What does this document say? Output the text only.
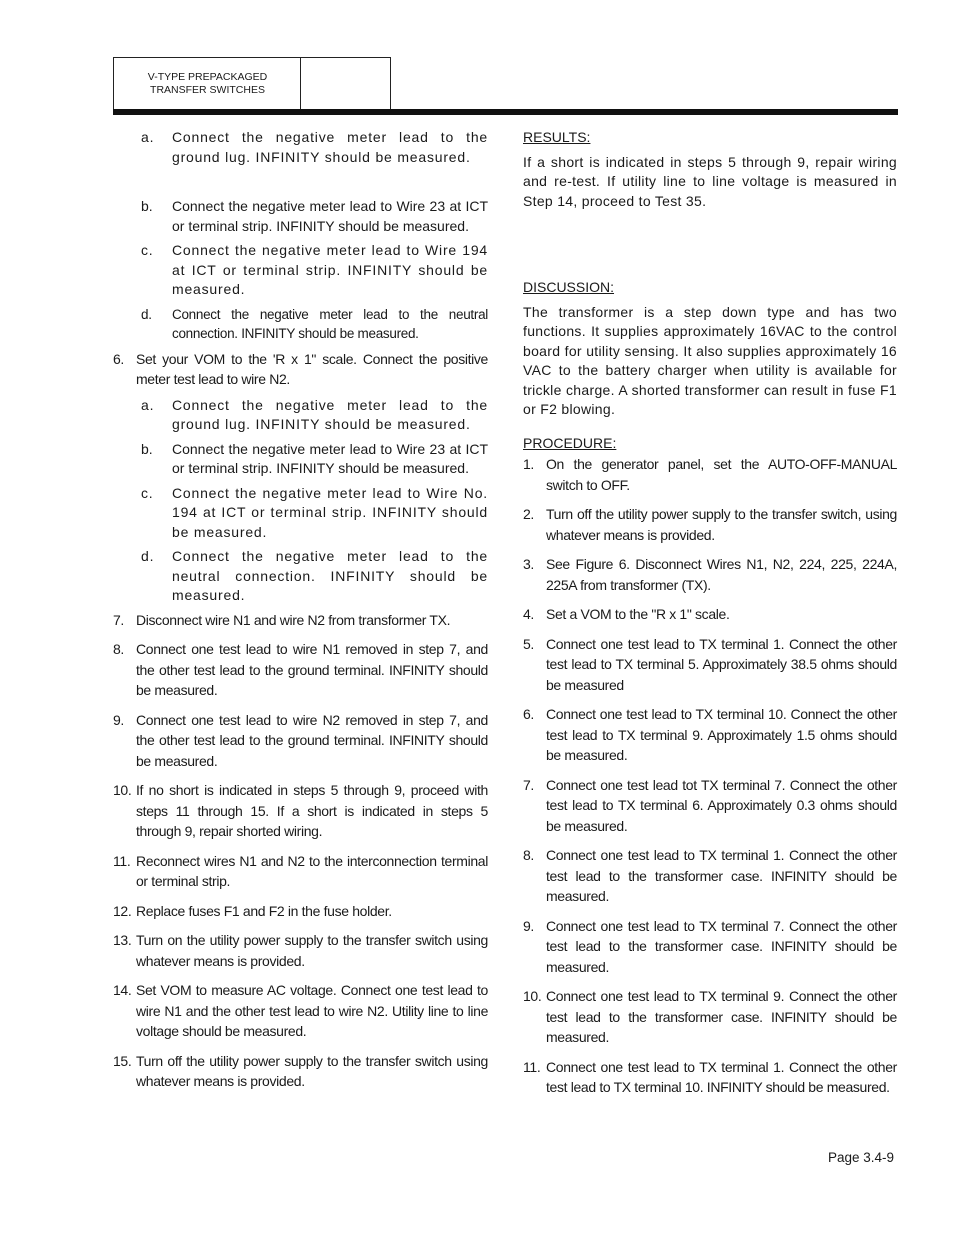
V-TYPE PREPACKAGED
TRANSFER SWITCHES
a. Connect the negative meter lead to the ground lug. INFINITY should be measured.
b. Connect the negative meter lead to Wire 23 at ICT or terminal strip. INFINITY should be measured.
c. Connect the negative meter lead to Wire 194 at ICT or terminal strip. INFINITY should be measured.
d. Connect the negative meter lead to the neutral connection. INFINITY should be measured.
6. Set your VOM to the 'R x 1" scale. Connect the positive meter test lead to wire N2.
a. Connect the negative meter lead to the ground lug. INFINITY should be measured.
b. Connect the negative meter lead to Wire 23 at ICT or terminal strip. INFINITY should be measured.
c. Connect the negative meter lead to Wire No. 194 at ICT or terminal strip. INFINITY should be measured.
d. Connect the negative meter lead to the neutral connection. INFINITY should be measured.
7. Disconnect wire N1 and wire N2 from transformer TX.
8. Connect one test lead to wire N1 removed in step 7, and the other test lead to the ground terminal. INFINITY should be measured.
9. Connect one test lead to wire N2 removed in step 7, and the other test lead to the ground terminal. INFINITY should be measured.
10. If no short is indicated in steps 5 through 9, proceed with steps 11 through 15. If a short is indicated in steps 5 through 9, repair shorted wiring.
11. Reconnect wires N1 and N2 to the interconnection terminal or terminal strip.
12. Replace fuses F1 and F2 in the fuse holder.
13. Turn on the utility power supply to the transfer switch using whatever means is provided.
14. Set VOM to measure AC voltage. Connect one test lead to wire N1 and the other test lead to wire N2. Utility line to line voltage should be measured.
15. Turn off the utility power supply to the transfer switch using whatever means is provided.
RESULTS:
If a short is indicated in steps 5 through 9, repair wiring and re-test. If utility line to line voltage is measured in Step 14, proceed to Test 35.
DISCUSSION:
The transformer is a step down type and has two functions. It supplies approximately 16VAC to the control board for utility sensing. It also supplies approximately 16 VAC to the battery charger when utility is available for trickle charge. A shorted transformer can result in fuse F1 or F2 blowing.
PROCEDURE:
1. On the generator panel, set the AUTO-OFF-MANUAL switch to OFF.
2. Turn off the utility power supply to the transfer switch, using whatever means is provided.
3. See Figure 6. Disconnect Wires N1, N2, 224, 225, 224A, 225A from transformer (TX).
4. Set a VOM to the "R x 1" scale.
5. Connect one test lead to TX terminal 1. Connect the other test lead to TX terminal 5. Approximately 38.5 ohms should be measured
6. Connect one test lead to TX terminal 10. Connect the other test lead to TX terminal 9. Approximately 1.5 ohms should be measured.
7. Connect one test lead tot TX terminal 7. Connect the other test lead to TX terminal 6. Approximately 0.3 ohms should be measured.
8. Connect one test lead to TX terminal 1. Connect the other test lead to the transformer case. INFINITY should be measured.
9. Connect one test lead to TX terminal 7. Connect the other test lead to the transformer case. INFINITY should be measured.
10. Connect one test lead to TX terminal 9. Connect the other test lead to the transformer case. INFINITY should be measured.
11. Connect one test lead to TX terminal 1. Connect the other test lead to TX terminal 10. INFINITY should be measured.
Page 3.4-9
